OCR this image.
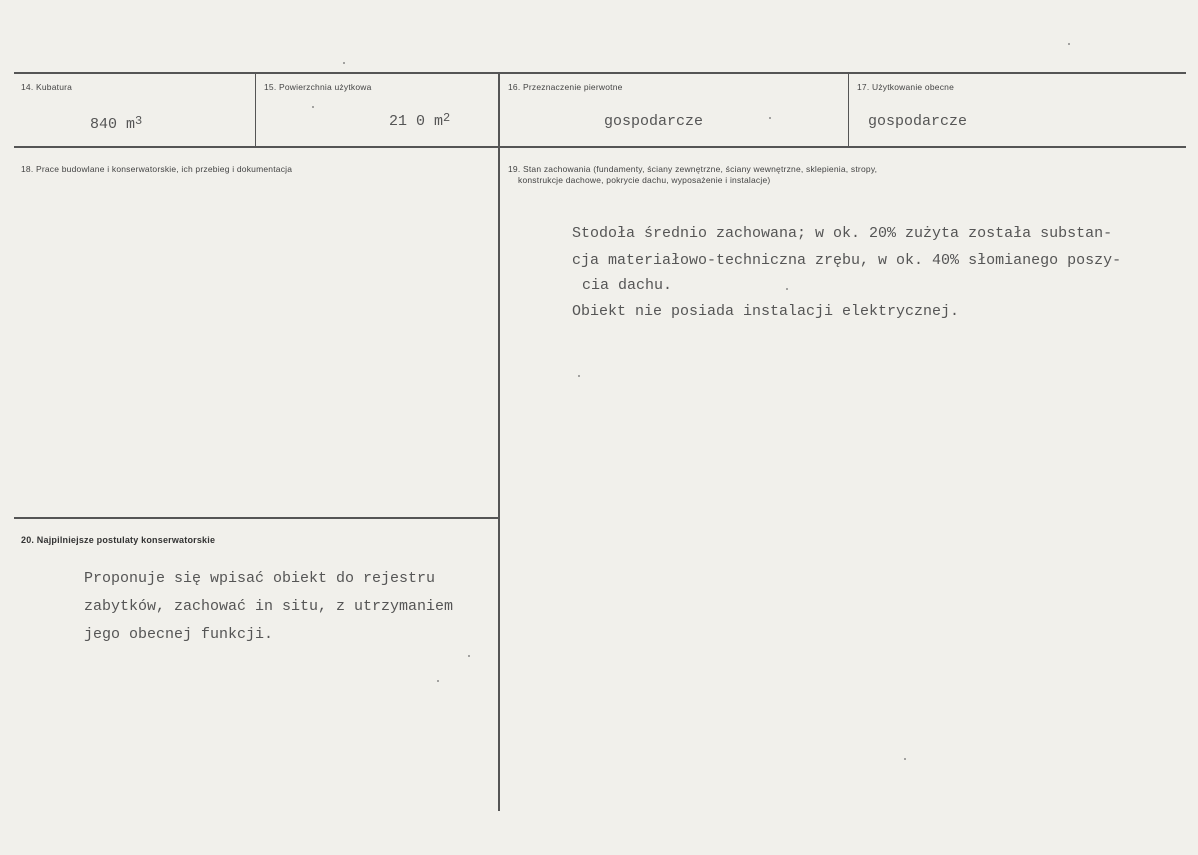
14. Kubatura	15. Powierzchnia użytkowa	16. Przeznaczenie pierwotne	17. Użytkowanie obecne
840 $m^3$	21 0 $m^2$	gospodarcze	gospodarcze
18. Prace budowlane i konserwatorskie, ich przebieg i dokumentacja	19. Stan zachowania (fundamenty, ściany zewnętrzne, ściany wewnętrzne, sklepienia, stropy,
konstrukcje dachowe, pokrycie dachu, wyposażenie i instalacje)
Stodoła średnio zachowana; w ok. 20% zużyta została substan-
cja materiałowo-techniczna zrębu, w ok. 40% słomianego poszy-
cia dachu.
Obiekt nie posiada instalacji elektrycznej.
20. Najpilniejsze postulaty konserwatorskie
Proponuje się wpisać obiekt do rejestru
zabytków, zachować in situ, z utrzymaniem
jego obecnej funkcji.
